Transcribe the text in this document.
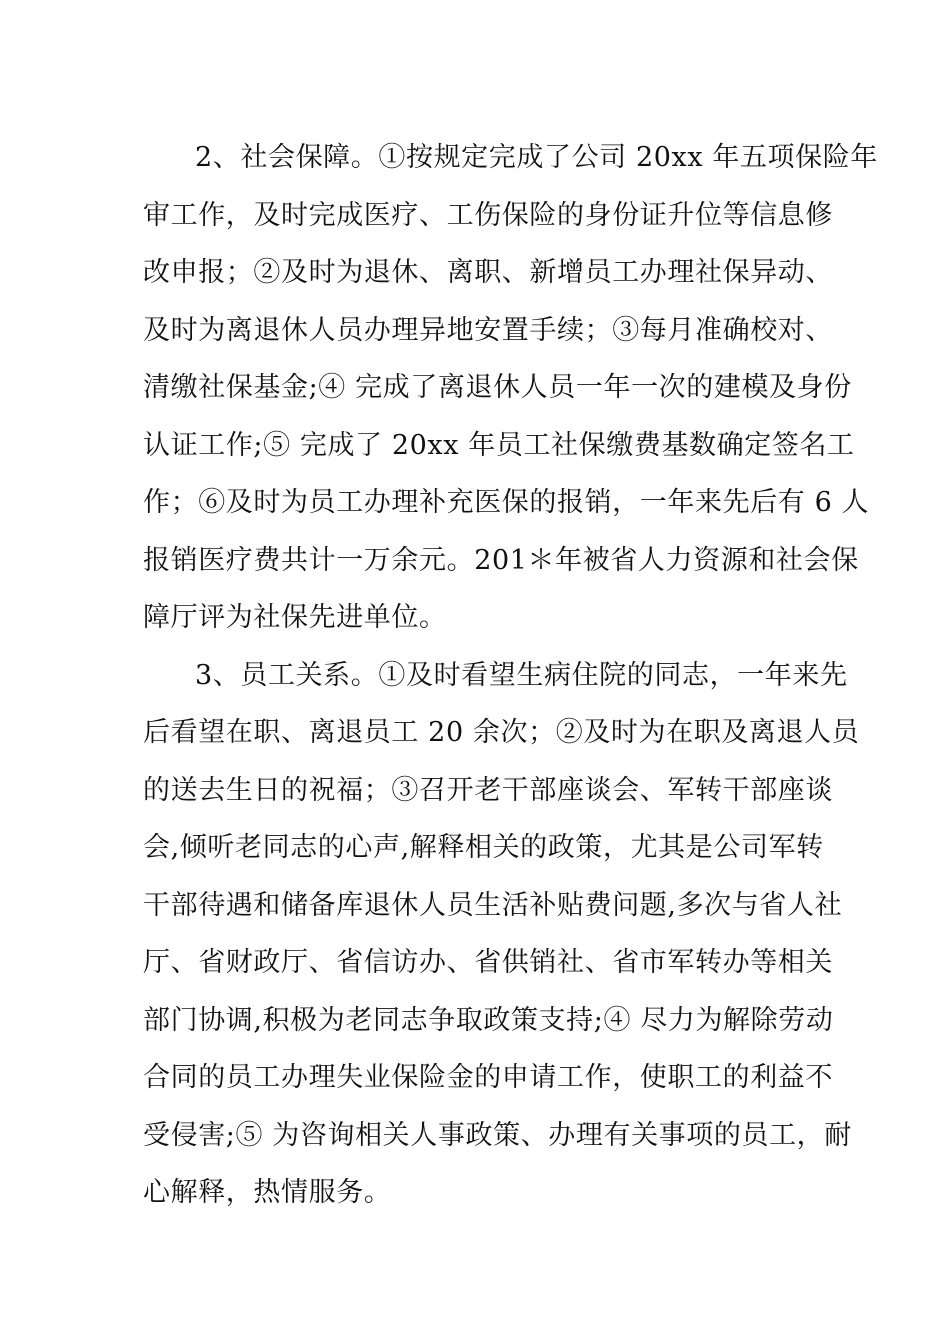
2、社会保障。①按规定完成了公司 20xx 年五项保险年
审工作，及时完成医疗、工伤保险的身份证升位等信息修
改申报；②及时为退休、离职、新增员工办理社保异动、
及时为离退休人员办理异地安置手续；③每月准确校对、
清缴社保基金;④ 完成了离退休人员一年一次的建模及身份
认证工作;⑤ 完成了 20xx 年员工社保缴费基数确定签名工
作；⑥及时为员工办理补充医保的报销，一年来先后有 6 人
报销医疗费共计一万余元。201＊年被省人力资源和社会保
障厅评为社保先进单位。
3、员工关系。①及时看望生病住院的同志，一年来先
后看望在职、离退员工 20 余次；②及时为在职及离退人员
的送去生日的祝福；③召开老干部座谈会、军转干部座谈
会,倾听老同志的心声,解释相关的政策，尤其是公司军转
干部待遇和储备库退休人员生活补贴费问题,多次与省人社
厅、省财政厅、省信访办、省供销社、省市军转办等相关
部门协调,积极为老同志争取政策支持;④ 尽力为解除劳动
合同的员工办理失业保险金的申请工作，使职工的利益不
受侵害;⑤ 为咨询相关人事政策、办理有关事项的员工，耐
心解释，热情服务。
